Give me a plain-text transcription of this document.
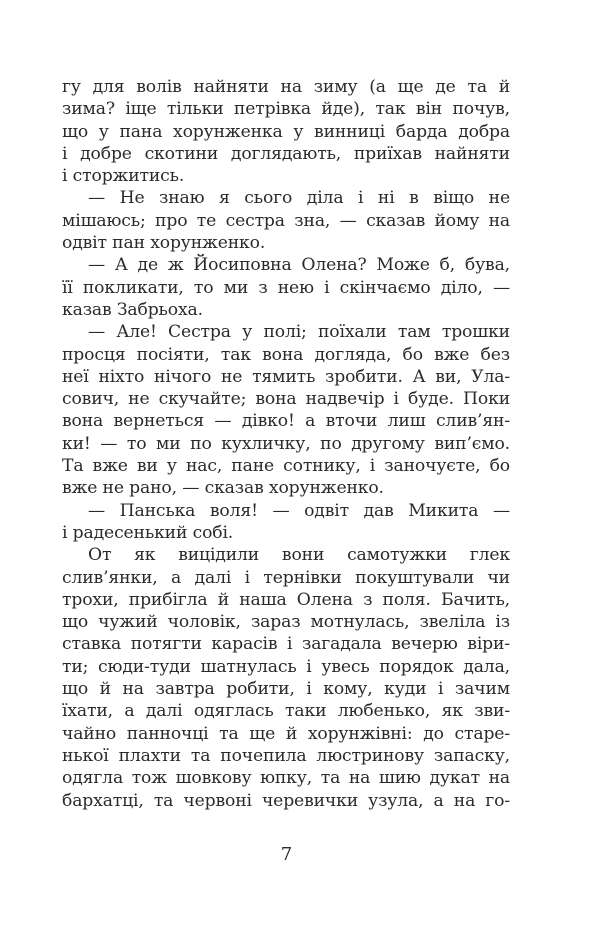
гу для волів найняти на зиму (а ще де та й
зима? іще тільки петрівка йде), так він почув,
що у пана хорунженка у винниці барда добра
і добре скотини доглядають, приїхав найняти
і сторжитись.
— Не знаю я сього діла і ні в віщо не
мішаюсь; про те сестра зна, — сказав йому на
одвіт пан хорунженко.
— А де ж Йосиповна Олена? Може б, бува,
її покликати, то ми з нею і скінчаємо діло, —
казав Забрьоха.
— Але! Сестра у полі; поїхали там трошки
просця посіяти, так вона догляда, бо вже без
неї ніхто нічого не тямить зробити. А ви, Ула-
сович, не скучайте; вона надвечір і буде. Поки
вона вернеться — дівко! а вточи лиш слив’ян-
ки! — то ми по кухличку, по другому вип’ємо.
Та вже ви у нас, пане сотнику, і заночуєте, бо
вже не рано, — сказав хорунженко.
— Панська воля! — одвіт дав Микита —
і радесенький собі.
От як вицідили вони самотужки глек
слив’янки, а далі і тернівки покуштували чи
трохи, прибігла й наша Олена з поля. Бачить,
що чужий чоловік, зараз мотнулась, звеліла із
ставка потягти карасів і загадала вечерю віри-
ти; сюди-туди шатнулась і увесь порядок дала,
що й на завтра робити, і кому, куди і зачим
їхати, а далі одяглась таки любенько, як зви-
чайно панночці та ще й хорунжівні: до старе-
нької плахти та почепила люстринову запаску,
одягла тож шовкову юпку, та на шию дукат на
бархатці, та червоні черевички узула, а на го-
7
